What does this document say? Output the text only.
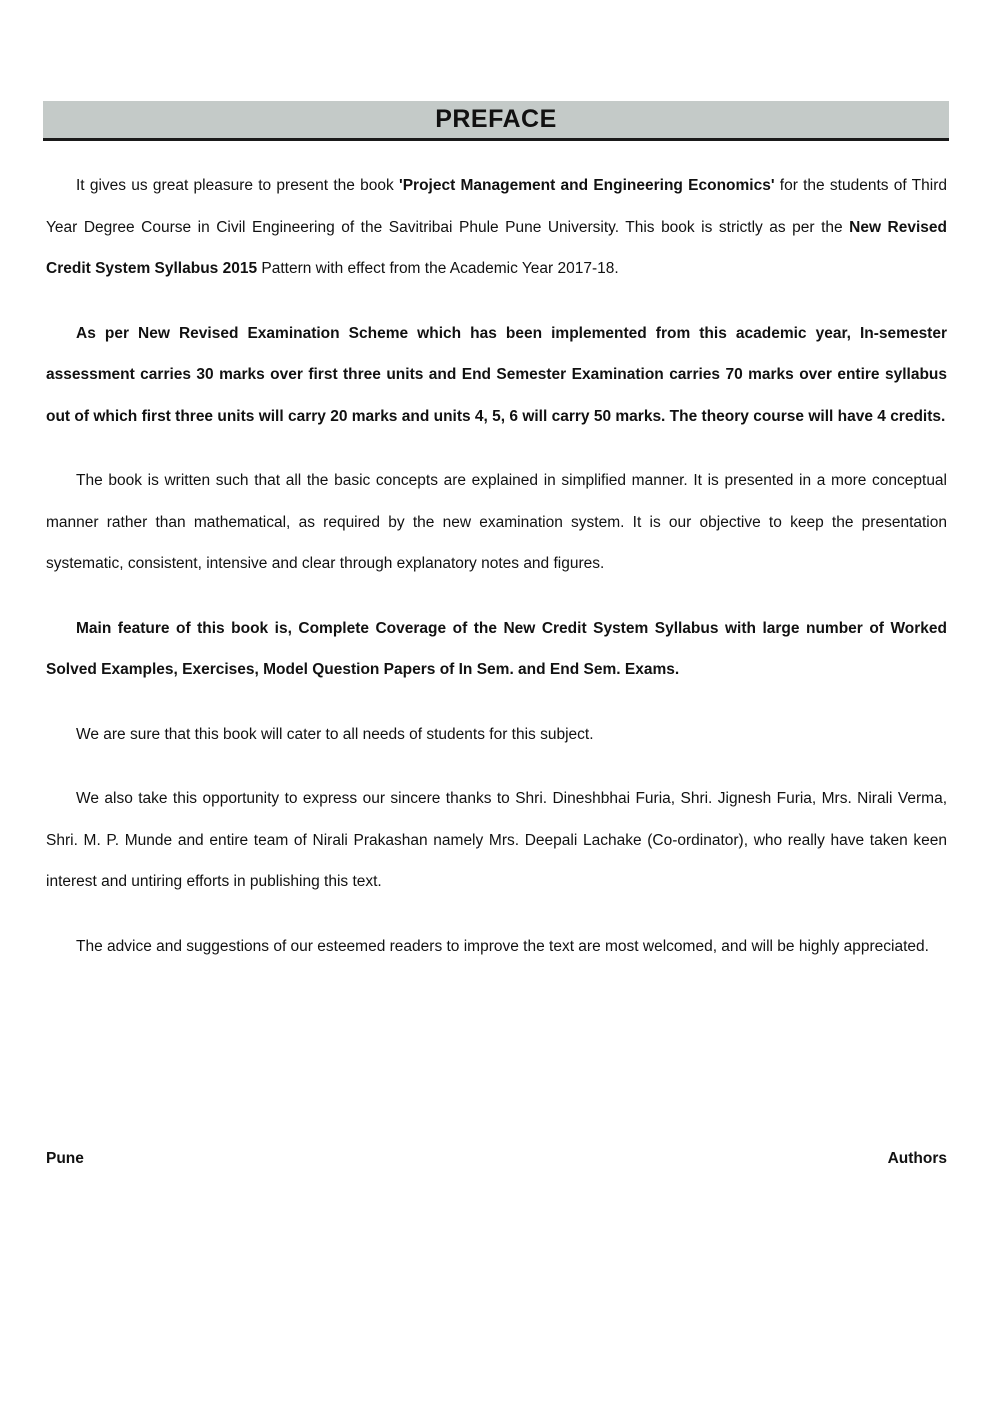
PREFACE

It gives us great pleasure to present the book 'Project Management and Engineering Economics' for the students of Third Year Degree Course in Civil Engineering of the Savitribai Phule Pune University. This book is strictly as per the New Revised Credit System Syllabus 2015 Pattern with effect from the Academic Year 2017-18.

As per New Revised Examination Scheme which has been implemented from this academic year, In-semester assessment carries 30 marks over first three units and End Semester Examination carries 70 marks over entire syllabus out of which first three units will carry 20 marks and units 4, 5, 6 will carry 50 marks. The theory course will have 4 credits.

The book is written such that all the basic concepts are explained in simplified manner. It is presented in a more conceptual manner rather than mathematical, as required by the new examination system. It is our objective to keep the presentation systematic, consistent, intensive and clear through explanatory notes and figures.

Main feature of this book is, Complete Coverage of the New Credit System Syllabus with large number of Worked Solved Examples, Exercises, Model Question Papers of In Sem. and End Sem. Exams.

We are sure that this book will cater to all needs of students for this subject.

We also take this opportunity to express our sincere thanks to Shri. Dineshbhai Furia, Shri. Jignesh Furia, Mrs. Nirali Verma, Shri. M. P. Munde and entire team of Nirali Prakashan namely Mrs. Deepali Lachake (Co-ordinator), who really have taken keen interest and untiring efforts in publishing this text.

The advice and suggestions of our esteemed readers to improve the text are most welcomed, and will be highly appreciated.

Pune	Authors
